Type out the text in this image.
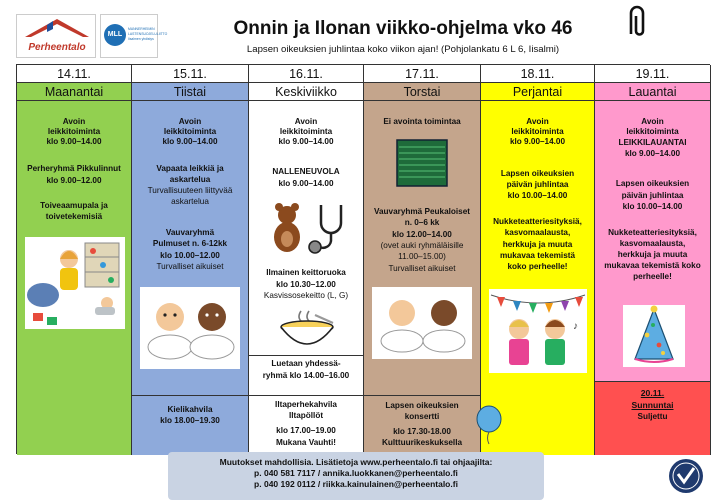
Perheentalo
MLL
MANNERHEIMIN
LASTENSUOJELULIITTO
Iisalmen yhdistys	Onnin ja Ilonan viikko-ohjelma vko 46
Lapsen oikeuksien juhlintaa koko viikon ajan! (Pohjolankatu 6 L 6, Iisalmi)
14.11.
Maanantai
Avoin
leikkitoiminta
klo 9.00–14.00
Perheryhmä Pikkulinnut
klo 9.00–12.00
Toiveaamupala ja
toivetekemisiä
15.11.
Tiistai
Avoin
leikkitoiminta
klo 9.00–14.00
Vapaata leikkiä ja
askartelua
Turvallisuuteen liittyvää
askartelua
Vauvaryhmä
Pulmuset n. 6-12kk
klo 10.00–12.00
Turvalliset aikuiset
Kielikahvila
klo 18.00–19.30
16.11.
Keskiviikko
Avoin
leikkitoiminta
klo 9.00–14.00
NALLENEUVOLA
klo 9.00–14.00
Ilmainen keittoruoka
klo 10.30–12.00
Kasvissosekeitto (L, G)
Luetaan yhdessä-
ryhmä klo 14.00–16.00
Iltaperhekahvila
Iltapöllöt
klo 17.00–19.00
Mukana Vauhti!
17.11.
Torstai
Ei avointa toimintaa
Vauvaryhmä Peukaloiset
n. 0–6 kk
klo 12.00–14.00
(ovet auki ryhmäläisille
11.00–15.00)
Turvalliset aikuiset
Lapsen oikeuksien
konsertti
klo 17.30-18.00
Kulttuurikeskuksella
18.11.
Perjantai
Avoin
leikkitoiminta
klo 9.00–14.00
Lapsen oikeuksien
päivän juhlintaa
klo 10.00–14.00
Nukketeatteriesityksiä,
kasvomaalausta,
herkkuja ja muuta
mukavaa tekemistä
koko perheelle!
♪
19.11.
Lauantai
Avoin
leikkitoiminta
LEIKKILAUANTAI
klo 9.00–14.00
Lapsen oikeuksien
päivän juhlintaa
klo 10.00–14.00
Nukketeatteriesityksiä,
kasvomaalausta,
herkkuja ja muuta
mukavaa tekemistä koko
perheelle!
20.11.
Sunnuntai
Suljettu
Muutokset mahdollisia. Lisätietoja www.perheentalo.fi tai ohjaajilta:
p. 040 581 7117 / annika.luokkanen@perheentalo.fi
p. 040 192 0112 / riikka.kainulainen@perheentalo.fi
